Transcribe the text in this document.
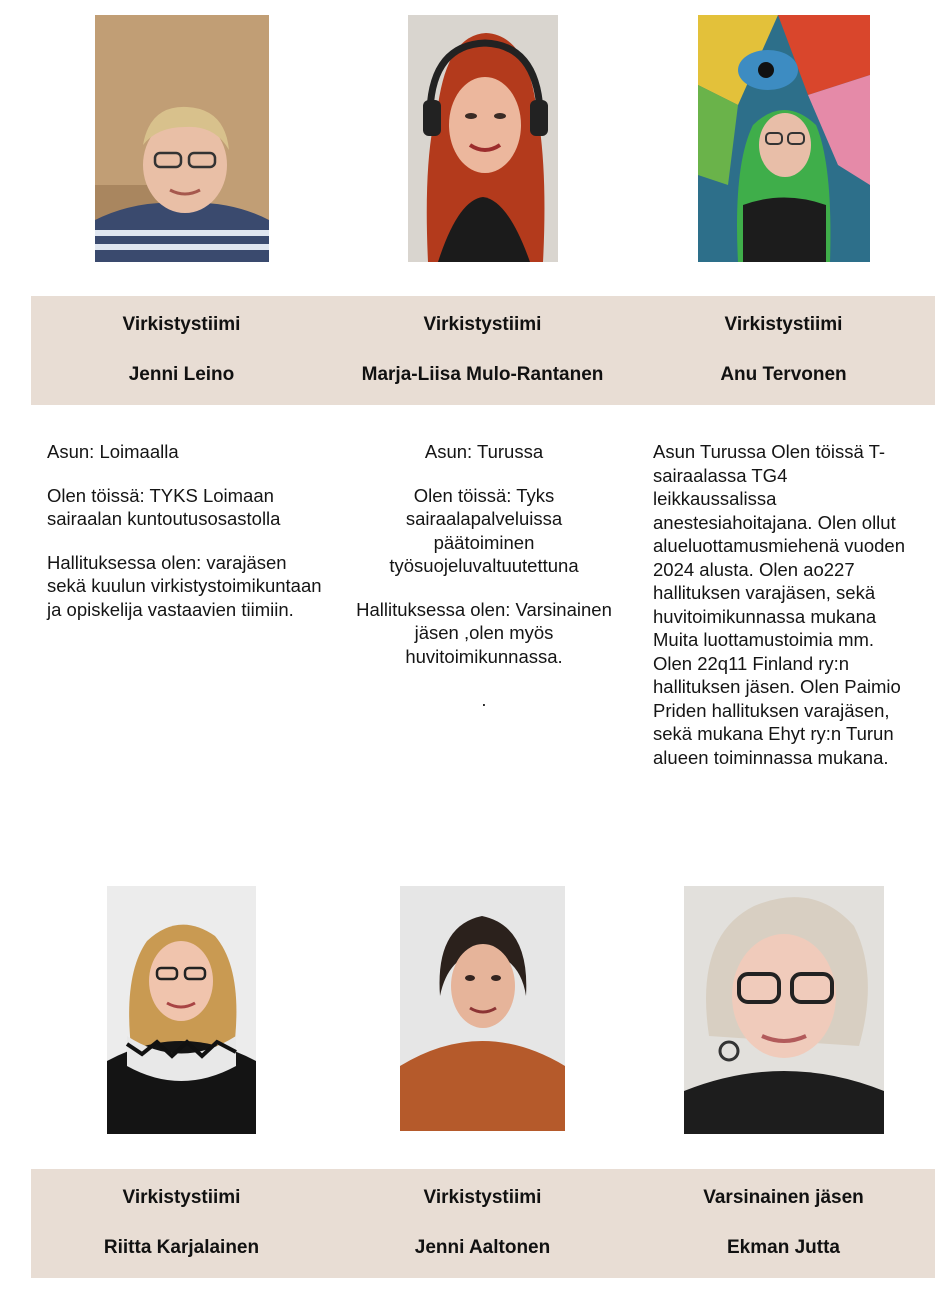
Virkistystiimi
Jenni Leino
Virkistystiimi
Marja-Liisa Mulo-Rantanen
Virkistystiimi
Anu Tervonen

Asun: Loimaalla

Olen töissä: TYKS Loimaan sairaalan kuntoutusosastolla

Hallituksessa olen: varajäsen sekä kuulun virkistystoimikuntaan ja opiskelija vastaavien tiimiin.

Asun: Turussa

Olen töissä: Tyks sairaalapalveluissa päätoiminen työsuojeluvaltuutettuna

Hallituksessa olen: Varsinainen jäsen ,olen myös huvitoimikunnassa.

.

Asun Turussa Olen töissä T-sairaalassa TG4 leikkaussalissa anestesiahoitajana. Olen ollut alueluottamusmiehenä vuoden 2024 alusta. Olen ao227 hallituksen varajäsen, sekä huvitoimikunnassa mukana Muita luottamustoimia mm. Olen 22q11 Finland ry:n hallituksen jäsen. Olen Paimio Priden hallituksen varajäsen, sekä mukana Ehyt ry:n Turun alueen toiminnassa mukana.

Virkistystiimi
Riitta Karjalainen
Virkistystiimi
Jenni Aaltonen
Varsinainen jäsen
Ekman Jutta
